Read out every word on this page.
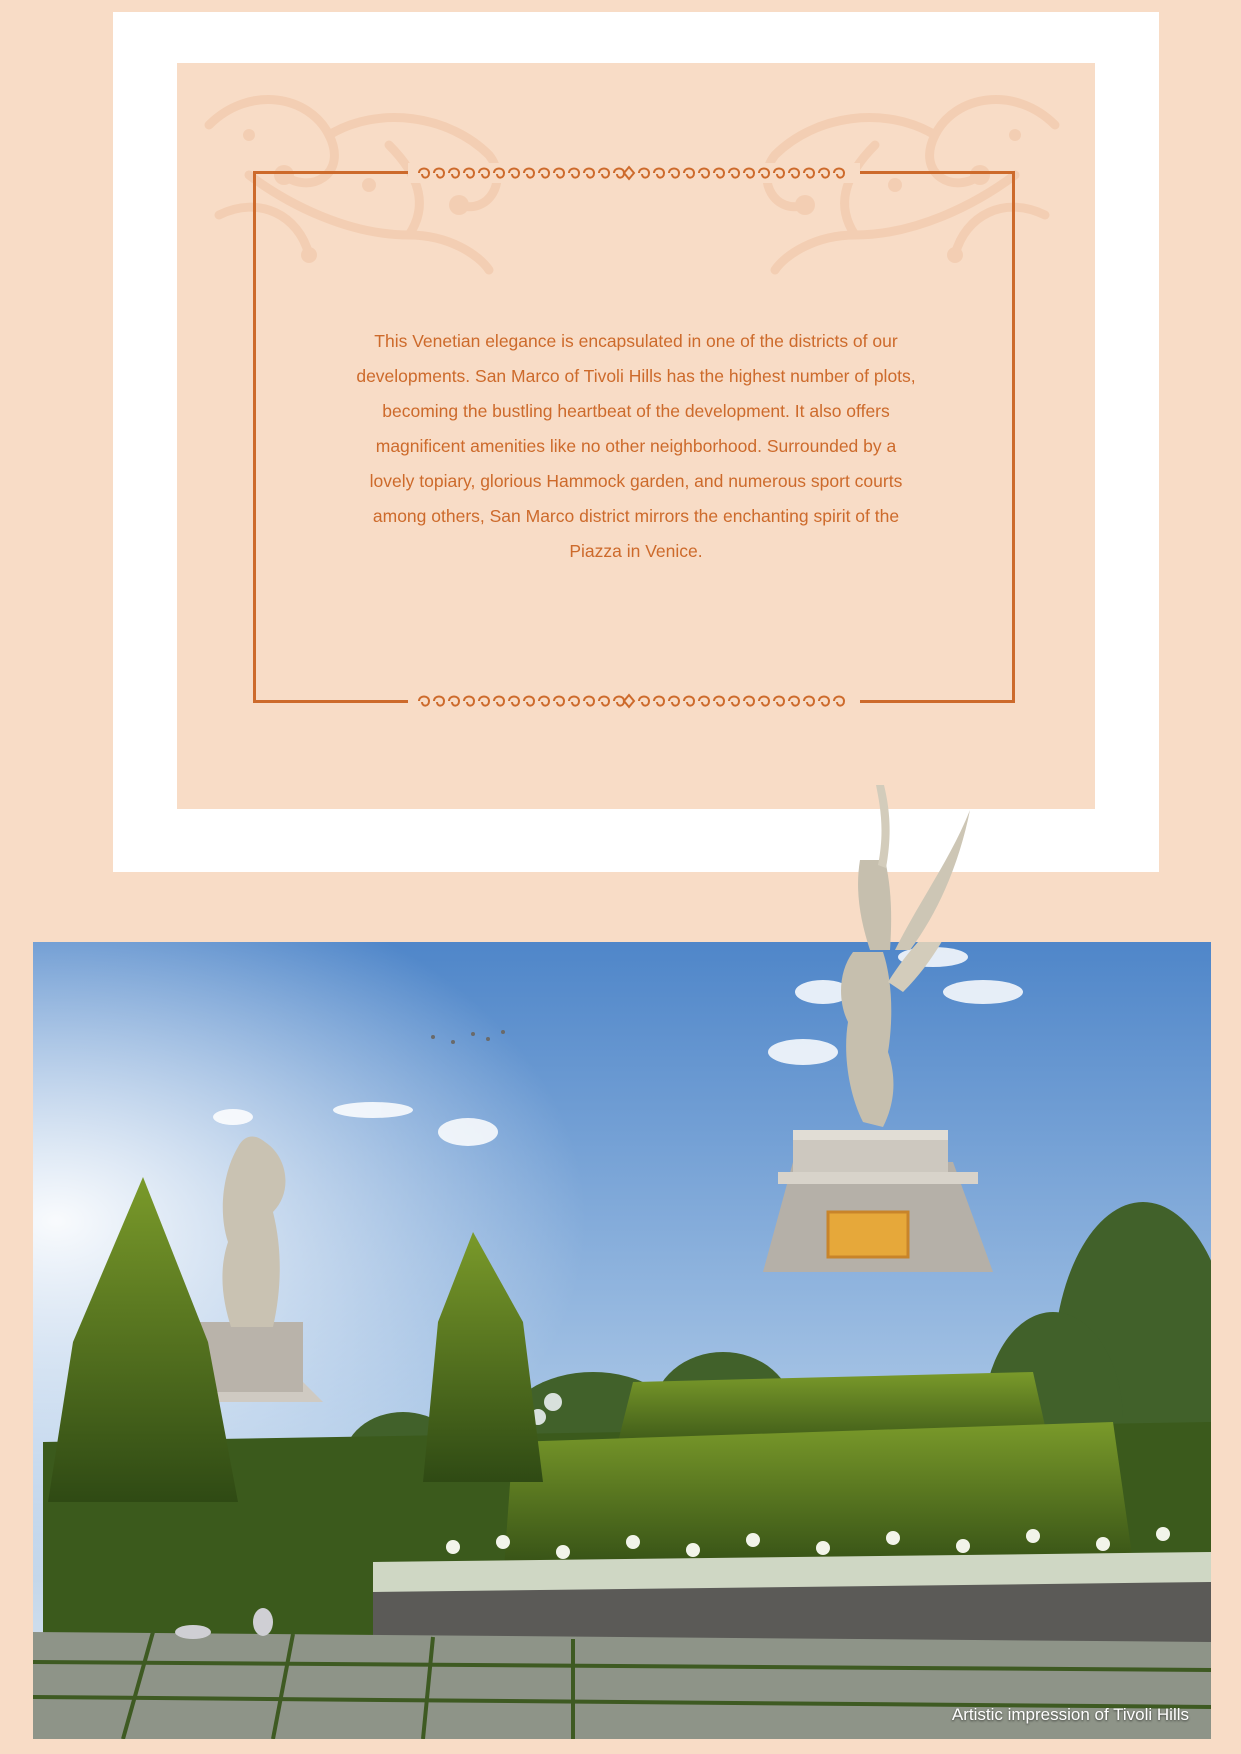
This Venetian elegance is encapsulated in one of the districts of our developments. San Marco of Tivoli Hills has the highest number of plots, becoming the bustling heartbeat of the development. It also offers magnificent amenities like no other neighborhood. Surrounded by a lovely topiary, glorious Hammock garden, and numerous sport courts among others, San Marco district mirrors the enchanting spirit of the Piazza in Venice.

Artistic impression of Tivoli Hills
